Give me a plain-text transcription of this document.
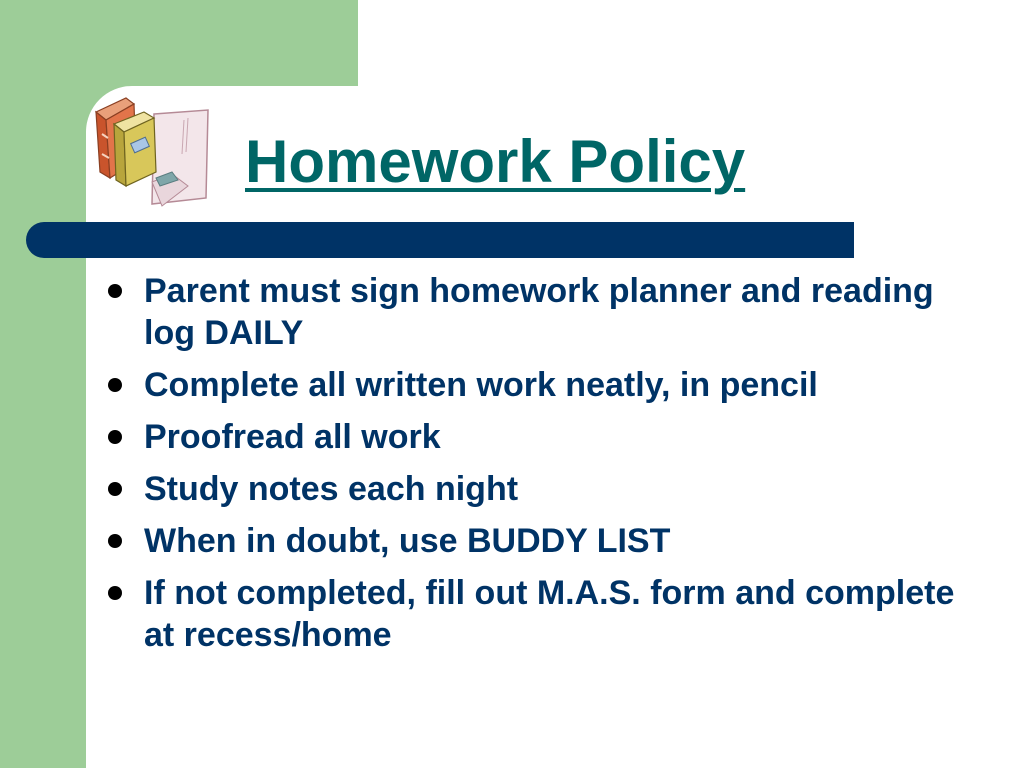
Homework Policy
Parent must sign homework planner and reading log DAILY
Complete all written work neatly, in pencil
Proofread all work
Study notes each night
When in doubt, use BUDDY LIST
If not completed, fill out M.A.S. form and complete at recess/home
